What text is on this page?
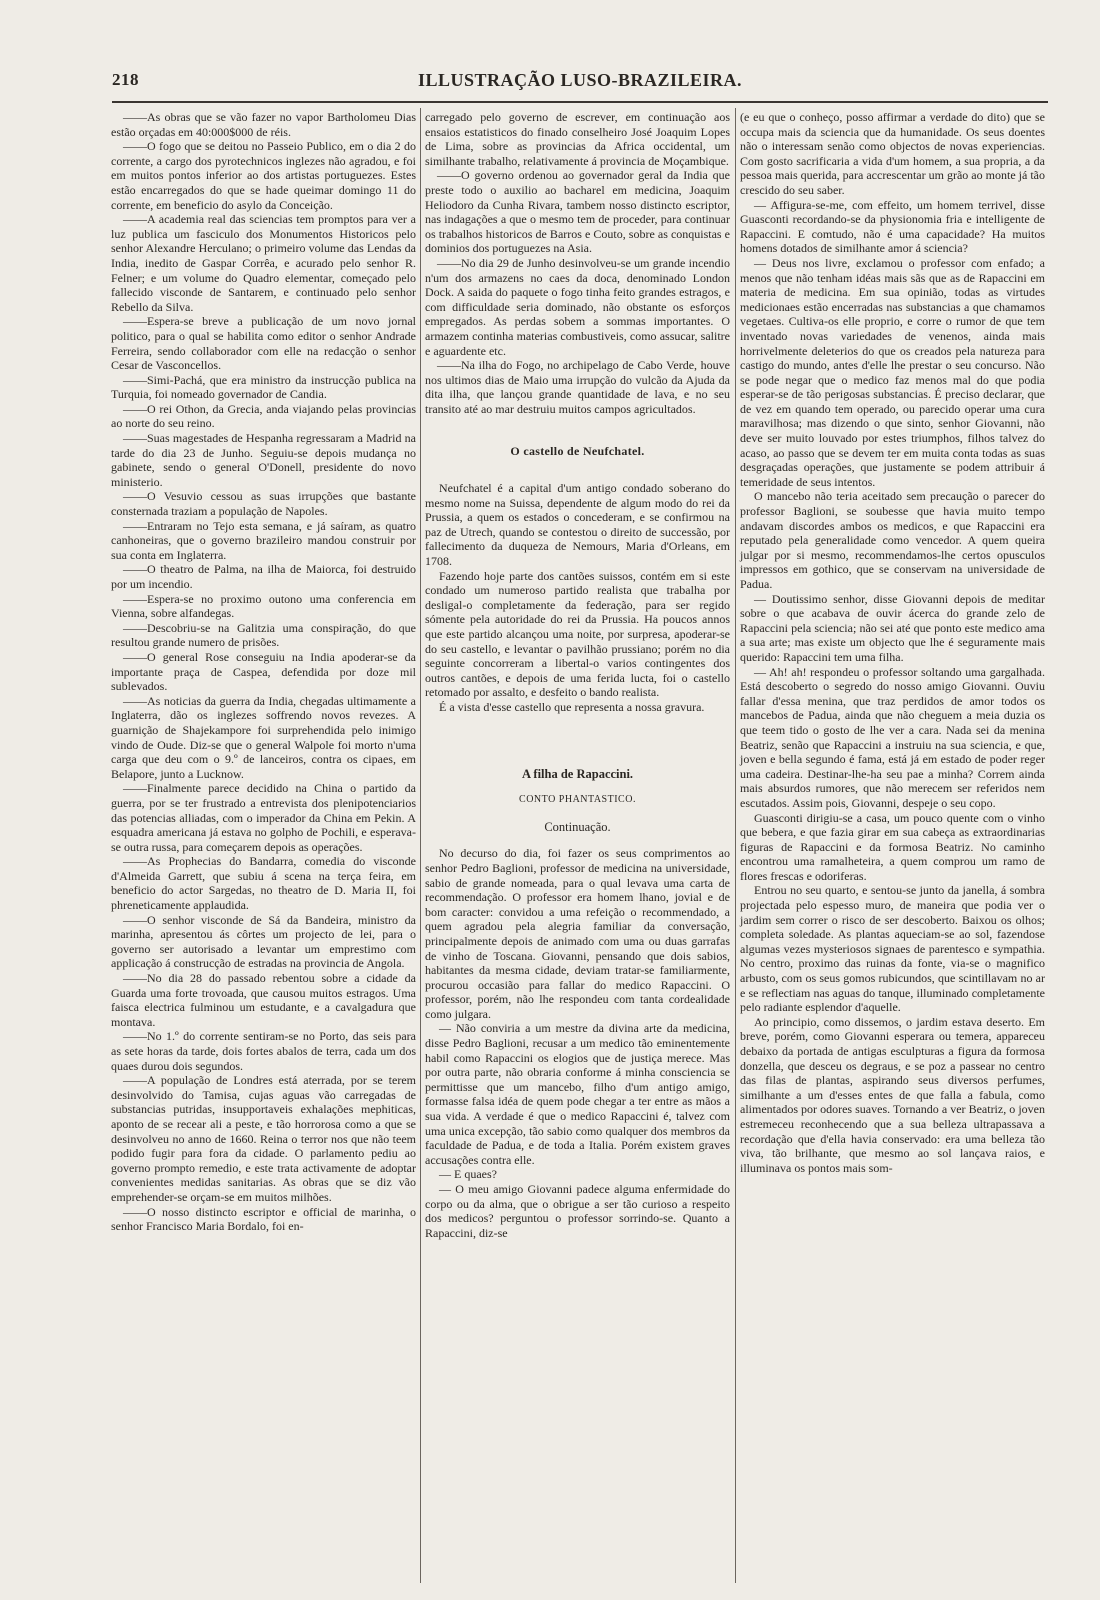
218	ILLUSTRAÇÃO LUSO-BRAZILEIRA.

——As obras que se vão fazer no vapor Bartholomeu Dias estão orçadas em 40:000$000 de réis.

——O fogo que se deitou no Passeio Publico, em o dia 2 do corrente, a cargo dos pyrotechnicos inglezes não agradou, e foi em muitos pontos inferior ao dos artistas portuguezes. Estes estão encarregados do que se hade queimar domingo 11 do corrente, em beneficio do asylo da Conceição.

——A academia real das sciencias tem promptos para ver a luz publica um fasciculo dos Monumentos Historicos pelo senhor Alexandre Herculano; o primeiro volume das Lendas da India, inedito de Gaspar Corrêa, e acurado pelo senhor R. Felner; e um volume do Quadro elementar, começado pelo fallecido visconde de Santarem, e continuado pelo senhor Rebello da Silva.

——Espera-se breve a publicação de um novo jornal politico, para o qual se habilita como editor o senhor Andrade Ferreira, sendo collaborador com elle na redacção o senhor Cesar de Vasconcellos.

——Simi-Pachá, que era ministro da instrucção publica na Turquia, foi nomeado governador de Candia.

——O rei Othon, da Grecia, anda viajando pelas provincias ao norte do seu reino.

——Suas magestades de Hespanha regressaram a Madrid na tarde do dia 23 de Junho. Seguiu-se depois mudança no gabinete, sendo o general O'Donell, presidente do novo ministerio.

——O Vesuvio cessou as suas irrupções que bastante consternada traziam a população de Napoles.

——Entraram no Tejo esta semana, e já saíram, as quatro canhoneiras, que o governo brazileiro mandou construir por sua conta em Inglaterra.

——O theatro de Palma, na ilha de Maiorca, foi destruido por um incendio.

——Espera-se no proximo outono uma conferencia em Vienna, sobre alfandegas.

——Descobriu-se na Galitzia uma conspiração, do que resultou grande numero de prisões.

——O general Rose conseguiu na India apoderar-se da importante praça de Caspea, defendida por doze mil sublevados.

——As noticias da guerra da India, chegadas ultimamente a Inglaterra, dão os inglezes soffrendo novos revezes. A guarnição de Shajekampore foi surprehendida pelo inimigo vindo de Oude. Diz-se que o general Walpole foi morto n'uma carga que deu com o 9.º de lanceiros, contra os cipaes, em Belapore, junto a Lucknow.

——Finalmente parece decidido na China o partido da guerra, por se ter frustrado a entrevista dos plenipotenciarios das potencias alliadas, com o imperador da China em Pekin. A esquadra americana já estava no golpho de Pochili, e esperava-se outra russa, para começarem depois as operações.

——As Prophecias do Bandarra, comedia do visconde d'Almeida Garrett, que subiu á scena na terça feira, em beneficio do actor Sargedas, no theatro de D. Maria II, foi phreneticamente applaudida.

——O senhor visconde de Sá da Bandeira, ministro da marinha, apresentou ás côrtes um projecto de lei, para o governo ser autorisado a levantar um emprestimo com applicação á construcção de estradas na provincia de Angola.

——No dia 28 do passado rebentou sobre a cidade da Guarda uma forte trovoada, que causou muitos estragos. Uma faisca electrica fulminou um estudante, e a cavalgadura que montava.

——No 1.º do corrente sentiram-se no Porto, das seis para as sete horas da tarde, dois fortes abalos de terra, cada um dos quaes durou dois segundos.

——A população de Londres está aterrada, por se terem desinvolvido do Tamisa, cujas aguas vão carregadas de substancias putridas, insupportaveis exhalações mephiticas, aponto de se recear ali a peste, e tão horrorosa como a que se desinvolveu no anno de 1660. Reina o terror nos que não teem podido fugir para fora da cidade. O parlamento pediu ao governo prompto remedio, e este trata activamente de adoptar convenientes medidas sanitarias. As obras que se diz vão emprehender-se orçam-se em muitos milhões.

——O nosso distincto escriptor e official de marinha, o senhor Francisco Maria Bordalo, foi en-

carregado pelo governo de escrever, em continuação aos ensaios estatisticos do finado conselheiro José Joaquim Lopes de Lima, sobre as provincias da Africa occidental, um similhante trabalho, relativamente á provincia de Moçambique.

——O governo ordenou ao governador geral da India que preste todo o auxilio ao bacharel em medicina, Joaquim Heliodoro da Cunha Rivara, tambem nosso distincto escriptor, nas indagações a que o mesmo tem de proceder, para continuar os trabalhos historicos de Barros e Couto, sobre as conquistas e dominios dos portuguezes na Asia.

——No dia 29 de Junho desinvolveu-se um grande incendio n'um dos armazens no caes da doca, denominado London Dock. A saida do paquete o fogo tinha feito grandes estragos, e com difficuldade seria dominado, não obstante os esforços empregados. As perdas sobem a sommas importantes. O armazem continha materias combustiveis, como assucar, salitre e aguardente etc.

——Na ilha do Fogo, no archipelago de Cabo Verde, houve nos ultimos dias de Maio uma irrupção do vulcão da Ajuda da dita ilha, que lançou grande quantidade de lava, e no seu transito até ao mar destruiu muitos campos agricultados.

O castello de Neufchatel.

Neufchatel é a capital d'um antigo condado soberano do mesmo nome na Suissa, dependente de algum modo do rei da Prussia, a quem os estados o concederam, e se confirmou na paz de Utrech, quando se contestou o direito de successão, por fallecimento da duqueza de Nemours, Maria d'Orleans, em 1708.

Fazendo hoje parte dos cantões suissos, contém em si este condado um numeroso partido realista que trabalha por desligal-o completamente da federação, para ser regido sómente pela autoridade do rei da Prussia. Ha poucos annos que este partido alcançou uma noite, por surpresa, apoderar-se do seu castello, e levantar o pavilhão prussiano; porém no dia seguinte concorreram a libertal-o varios contingentes dos outros cantões, e depois de uma ferida lucta, foi o castello retomado por assalto, e desfeito o bando realista.

É a vista d'esse castello que representa a nossa gravura.

A filha de Rapaccini.
CONTO PHANTASTICO.
Continuação.

No decurso do dia, foi fazer os seus comprimentos ao senhor Pedro Baglioni, professor de medicina na universidade, sabio de grande nomeada, para o qual levava uma carta de recommendação. O professor era homem lhano, jovial e de bom caracter: convidou a uma refeição o recommendado, a quem agradou pela alegria familiar da conversação, principalmente depois de animado com uma ou duas garrafas de vinho de Toscana. Giovanni, pensando que dois sabios, habitantes da mesma cidade, deviam tratar-se familiarmente, procurou occasião para fallar do medico Rapaccini. O professor, porém, não lhe respondeu com tanta cordealidade como julgara.

— Não conviria a um mestre da divina arte da medicina, disse Pedro Baglioni, recusar a um medico tão eminentemente habil como Rapaccini os elogios que de justiça merece. Mas por outra parte, não obraria conforme á minha consciencia se permittisse que um mancebo, filho d'um antigo amigo, formasse falsa idéa de quem pode chegar a ter entre as mãos a sua vida. A verdade é que o medico Rapaccini é, talvez com uma unica excepção, tão sabio como qualquer dos membros da faculdade de Padua, e de toda a Italia. Porém existem graves accusações contra elle.

— E quaes?

— O meu amigo Giovanni padece alguma enfermidade do corpo ou da alma, que o obrigue a ser tão curioso a respeito dos medicos? perguntou o professor sorrindo-se. Quanto a Rapaccini, diz-se

(e eu que o conheço, posso affirmar a verdade do dito) que se occupa mais da sciencia que da humanidade. Os seus doentes não o interessam senão como objectos de novas experiencias. Com gosto sacrificaria a vida d'um homem, a sua propria, a da pessoa mais querida, para accrescentar um grão ao monte já tão crescido do seu saber.

— Affigura-se-me, com effeito, um homem terrivel, disse Guasconti recordando-se da physionomia fria e intelligente de Rapaccini. E comtudo, não é uma capacidade? Ha muitos homens dotados de similhante amor á sciencia?

— Deus nos livre, exclamou o professor com enfado; a menos que não tenham idéas mais sãs que as de Rapaccini em materia de medicina. Em sua opinião, todas as virtudes medicionaes estão encerradas nas substancias a que chamamos vegetaes. Cultiva-os elle proprio, e corre o rumor de que tem inventado novas variedades de venenos, ainda mais horrivelmente deleterios do que os creados pela natureza para castigo do mundo, antes d'elle lhe prestar o seu concurso. Não se pode negar que o medico faz menos mal do que podia esperar-se de tão perigosas substancias. É preciso declarar, que de vez em quando tem operado, ou parecido operar uma cura maravilhosa; mas dizendo o que sinto, senhor Giovanni, não deve ser muito louvado por estes triumphos, filhos talvez do acaso, ao passo que se devem ter em muita conta todas as suas desgraçadas operações, que justamente se podem attribuir á temeridade de seus intentos.

O mancebo não teria aceitado sem precaução o parecer do professor Baglioni, se soubesse que havia muito tempo andavam discordes ambos os medicos, e que Rapaccini era reputado pela generalidade como vencedor. A quem queira julgar por si mesmo, recommendamos-lhe certos opusculos impressos em gothico, que se conservam na universidade de Padua.

— Doutissimo senhor, disse Giovanni depois de meditar sobre o que acabava de ouvir ácerca do grande zelo de Rapaccini pela sciencia; não sei até que ponto este medico ama a sua arte; mas existe um objecto que lhe é seguramente mais querido: Rapaccini tem uma filha.

— Ah! ah! respondeu o professor soltando uma gargalhada. Está descoberto o segredo do nosso amigo Giovanni. Ouviu fallar d'essa menina, que traz perdidos de amor todos os mancebos de Padua, ainda que não cheguem a meia duzia os que teem tido o gosto de lhe ver a cara. Nada sei da menina Beatriz, senão que Rapaccini a instruiu na sua sciencia, e que, joven e bella segundo é fama, está já em estado de poder reger uma cadeira. Destinar-lhe-ha seu pae a minha? Correm ainda mais absurdos rumores, que não merecem ser referidos nem escutados. Assim pois, Giovanni, despeje o seu copo.

Guasconti dirigiu-se a casa, um pouco quente com o vinho que bebera, e que fazia girar em sua cabeça as extraordinarias figuras de Rapaccini e da formosa Beatriz. No caminho encontrou uma ramalheteira, a quem comprou um ramo de flores frescas e odoriferas.

Entrou no seu quarto, e sentou-se junto da janella, á sombra projectada pelo espesso muro, de maneira que podia ver o jardim sem correr o risco de ser descoberto. Baixou os olhos; completa soledade. As plantas aqueciam-se ao sol, fazendose algumas vezes mysteriosos signaes de parentesco e sympathia. No centro, proximo das ruinas da fonte, via-se o magnifico arbusto, com os seus gomos rubicundos, que scintillavam no ar e se reflectiam nas aguas do tanque, illuminado completamente pelo radiante esplendor d'aquelle.

Ao principio, como dissemos, o jardim estava deserto. Em breve, porém, como Giovanni esperara ou temera, appareceu debaixo da portada de antigas esculpturas a figura da formosa donzella, que desceu os degraus, e se poz a passear no centro das filas de plantas, aspirando seus diversos perfumes, similhante a um d'esses entes de que falla a fabula, como alimentados por odores suaves. Tornando a ver Beatriz, o joven estremeceu reconhecendo que a sua belleza ultrapassava a recordação que d'ella havia conservado: era uma belleza tão viva, tão brilhante, que mesmo ao sol lançava raios, e illuminava os pontos mais som-
